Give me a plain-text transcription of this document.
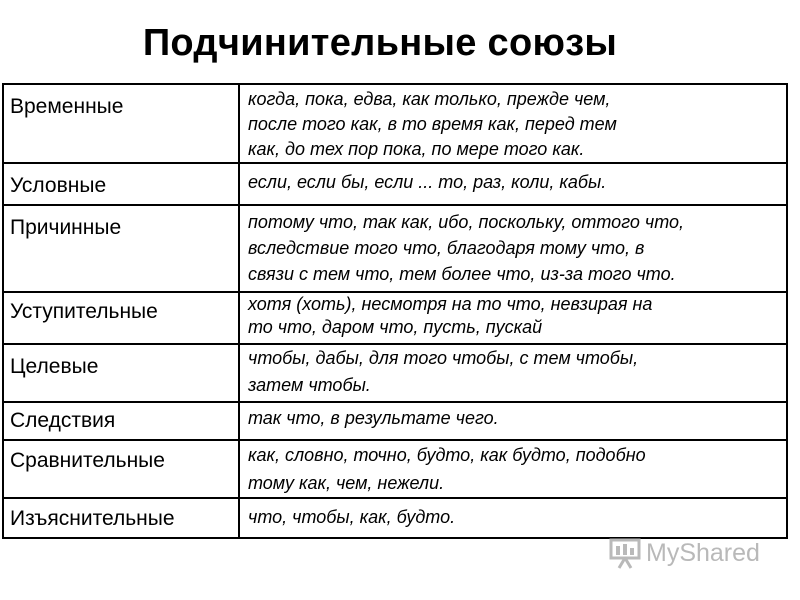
Подчинительные союзы
Временные	когда, пока, едва, как только, прежде чем,
после того как, в то время как, перед тем
как, до тех пор пока, по мере того как.
Условные	если, если бы, если ... то, раз, коли, кабы.
Причинные	потому что, так как, ибо, поскольку, оттого что,
вследствие того что, благодаря тому что, в
связи с тем что, тем более что, из-за того что.
Уступительные	хотя (хоть), несмотря на то что, невзирая на
то что, даром что, пусть, пускай
Целевые	чтобы, дабы, для того чтобы, с тем чтобы,
затем чтобы.
Следствия	так что, в результате чего.
Сравнительные	как, словно, точно, будто, как будто, подобно
тому как, чем, нежели.
Изъяснительные	что, чтобы, как, будто.
MyShared
